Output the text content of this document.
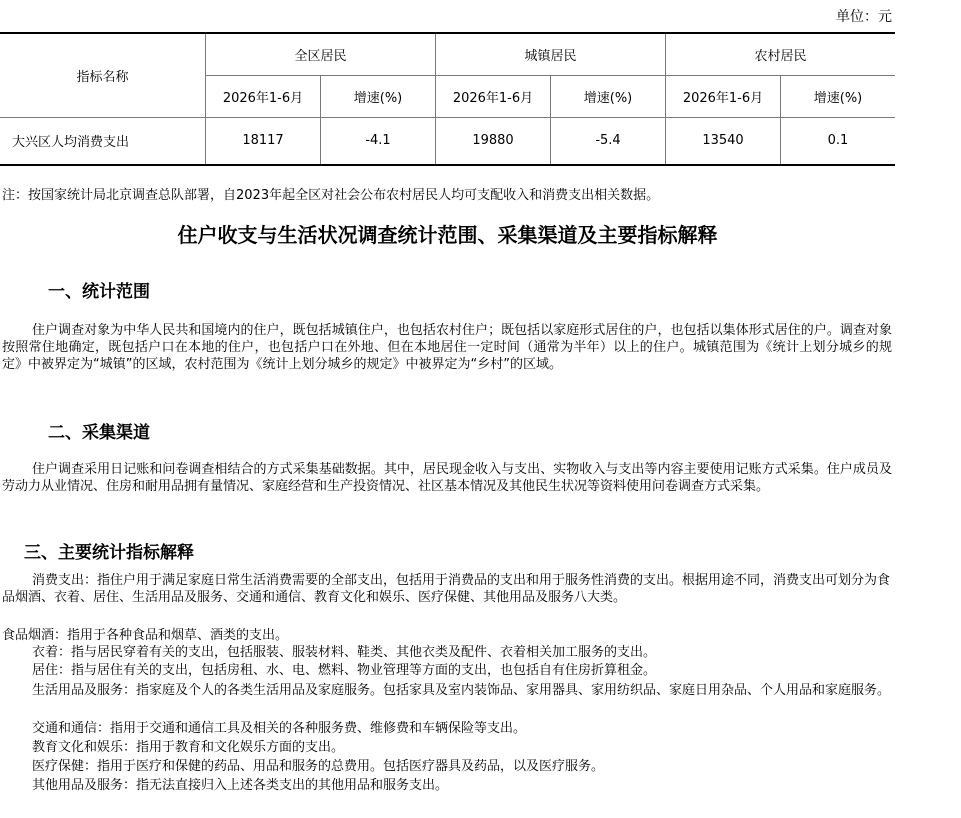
单位：元
指标名称	全区居民		城镇居民		农村居民	
	2026年1-6月	增速(%)	2026年1-6月	增速(%)	2026年1-6月	增速(%)
大兴区人均消费支出	18117	-4.1	19880	-5.4	13540	0.1
注：按国家统计局北京调查总队部署，自2023年起全区对社会公布农村居民人均可支配收入和消费支出相关数据。
住户收支与生活状况调查统计范围、采集渠道及主要指标解释
一、统计范围
住户调查对象为中华人民共和国境内的住户，既包括城镇住户，也包括农村住户；既包括以家庭形式居住的户，也包括以集体形式居住的户。调查对象按照常住地确定，既包括户口在本地的住户，也包括户口在外地、但在本地居住一定时间（通常为半年）以上的住户。城镇范围为《统计上划分城乡的规定》中被界定为“城镇”的区域，农村范围为《统计上划分城乡的规定》中被界定为“乡村”的区域。
二、采集渠道
住户调查采用日记账和问卷调查相结合的方式采集基础数据。其中，居民现金收入与支出、实物收入与支出等内容主要使用记账方式采集。住户成员及劳动力从业情况、住房和耐用品拥有量情况、家庭经营和生产投资情况、社区基本情况及其他民生状况等资料使用问卷调查方式采集。
三、主要统计指标解释
消费支出：指住户用于满足家庭日常生活消费需要的全部支出，包括用于消费品的支出和用于服务性消费的支出。根据用途不同，消费支出可划分为食品烟酒、衣着、居住、生活用品及服务、交通和通信、教育文化和娱乐、医疗保健、其他用品及服务八大类。
食品烟酒：指用于各种食品和烟草、酒类的支出。
衣着：指与居民穿着有关的支出，包括服装、服装材料、鞋类、其他衣类及配件、衣着相关加工服务的支出。
居住：指与居住有关的支出，包括房租、水、电、燃料、物业管理等方面的支出，也包括自有住房折算租金。
生活用品及服务：指家庭及个人的各类生活用品及家庭服务。包括家具及室内装饰品、家用器具、家用纺织品、家庭日用杂品、个人用品和家庭服务。
交通和通信：指用于交通和通信工具及相关的各种服务费、维修费和车辆保险等支出。
教育文化和娱乐：指用于教育和文化娱乐方面的支出。
医疗保健：指用于医疗和保健的药品、用品和服务的总费用。包括医疗器具及药品，以及医疗服务。
其他用品及服务：指无法直接归入上述各类支出的其他用品和服务支出。
